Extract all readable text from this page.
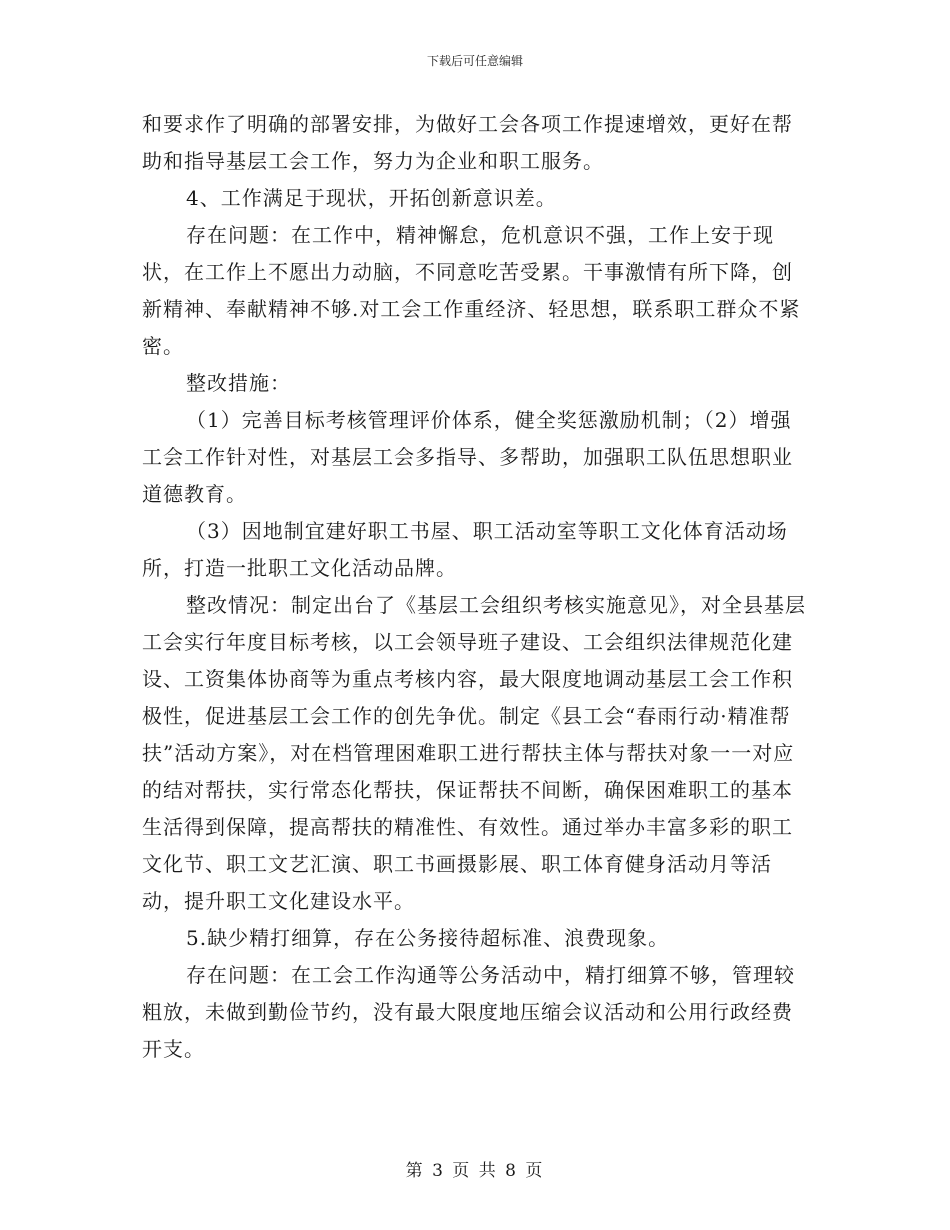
下载后可任意编辑

和要求作了明确的部署安排，为做好工会各项工作提速增效，更好在帮助和指导基层工会工作，努力为企业和职工服务。

4、工作满足于现状，开拓创新意识差。

存在问题：在工作中，精神懈怠，危机意识不强，工作上安于现状，在工作上不愿出力动脑，不同意吃苦受累。干事激情有所下降，创新精神、奉献精神不够.对工会工作重经济、轻思想，联系职工群众不紧密。

整改措施：

（1）完善目标考核管理评价体系，健全奖惩激励机制；（2）增强工会工作针对性，对基层工会多指导、多帮助，加强职工队伍思想职业道德教育。

（3）因地制宜建好职工书屋、职工活动室等职工文化体育活动场所，打造一批职工文化活动品牌。

整改情况：制定出台了《基层工会组织考核实施意见》，对全县基层工会实行年度目标考核，以工会领导班子建设、工会组织法律规范化建设、工资集体协商等为重点考核内容，最大限度地调动基层工会工作积极性，促进基层工会工作的创先争优。制定《县工会“春雨行动·精准帮扶”活动方案》，对在档管理困难职工进行帮扶主体与帮扶对象一一对应的结对帮扶，实行常态化帮扶，保证帮扶不间断，确保困难职工的基本生活得到保障，提高帮扶的精准性、有效性。通过举办丰富多彩的职工文化节、职工文艺汇演、职工书画摄影展、职工体育健身活动月等活动，提升职工文化建设水平。

5.缺少精打细算，存在公务接待超标准、浪费现象。

存在问题：在工会工作沟通等公务活动中，精打细算不够，管理较粗放，未做到勤俭节约，没有最大限度地压缩会议活动和公用行政经费开支。

第 3 页 共 8 页
